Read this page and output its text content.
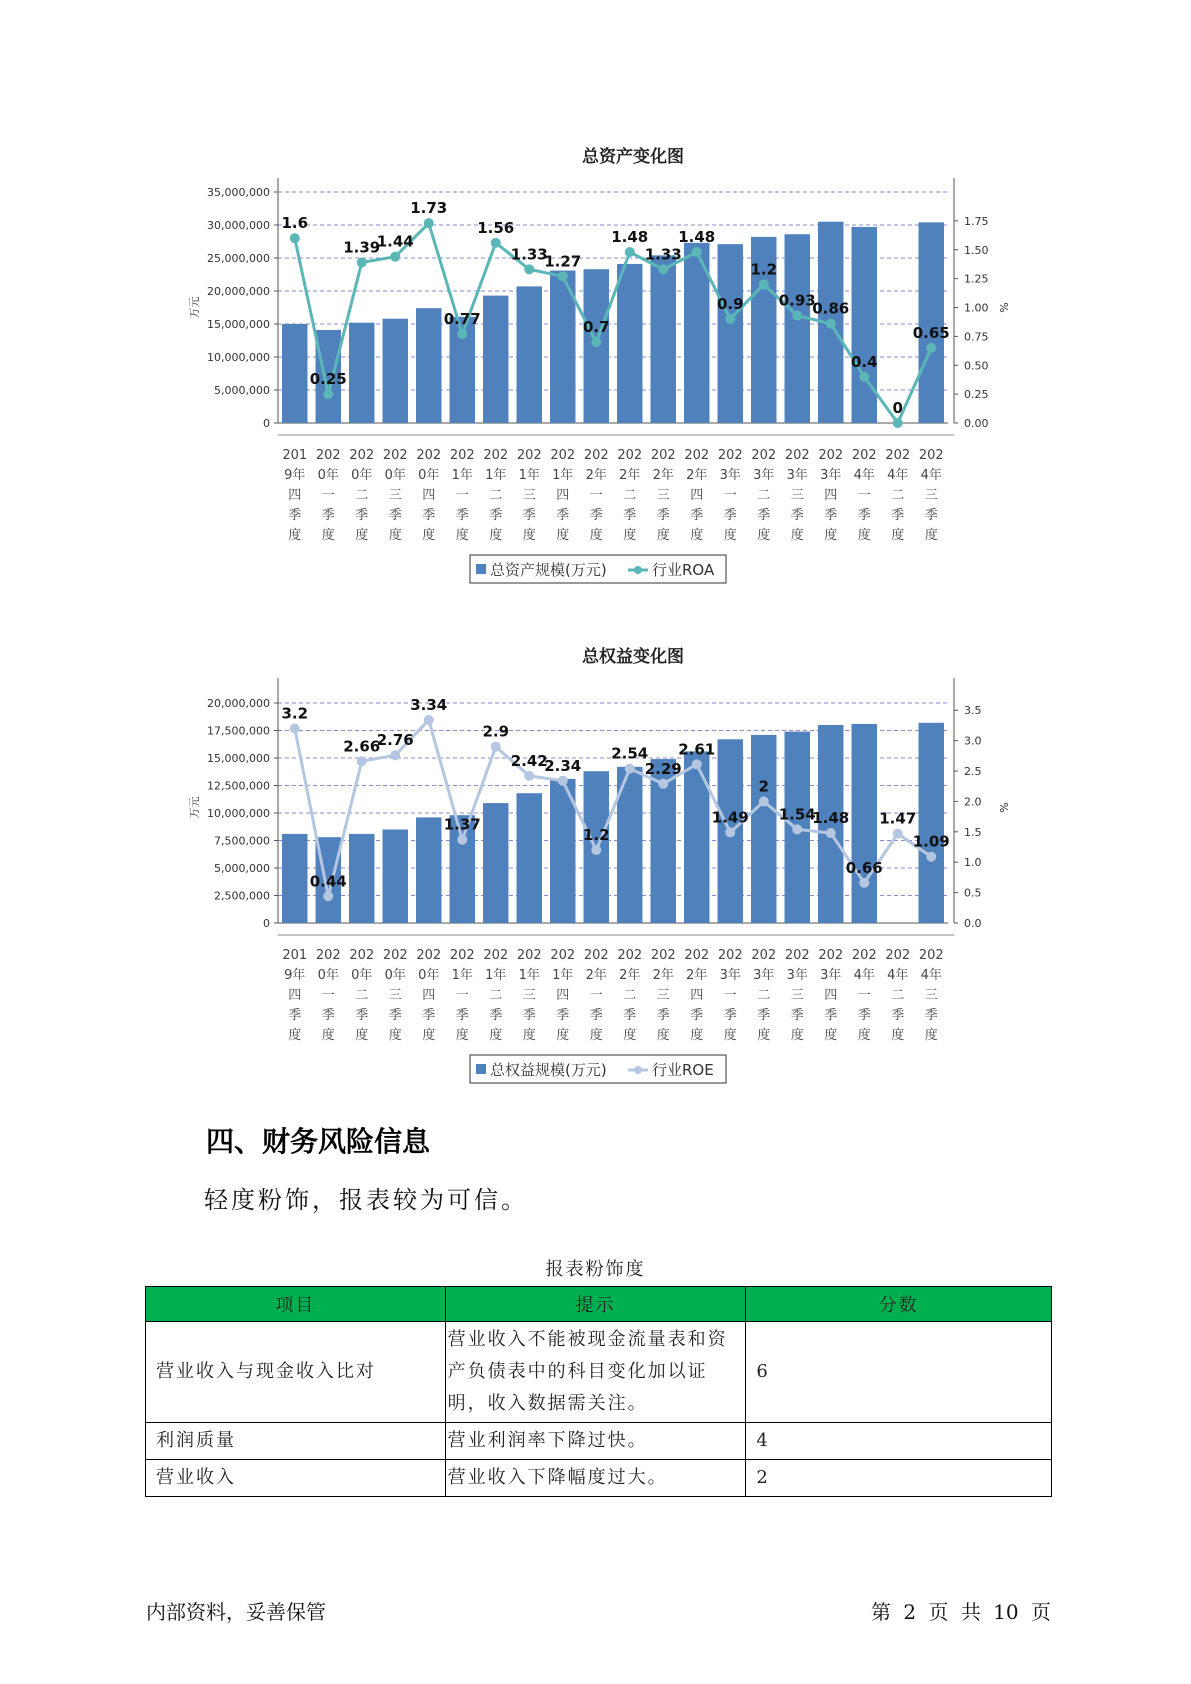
总资产变化图
万元	%
35,000,000
30,000,000
25,000,000
20,000,000
15,000,000
10,000,000
5,000,000
0
1.75
1.50
1.25
1.00
0.75
0.50
0.25
0.00
201 9年四季度
202 0年一季度
202 0年二季度
202 0年三季度
202 0年四季度
202 1年一季度
202 1年二季度
202 1年三季度
202 1年四季度
202 2年一季度
202 2年二季度
202 2年三季度
202 2年四季度
202 3年一季度
202 3年二季度
202 3年三季度
202 3年四季度
202 4年一季度
202 4年二季度
202 4年三季度
1.6
0.25
1.39
1.44
1.73
0.77
1.56
1.33
1.27
0.7
1.48
1.33
1.48
0.9
1.2
0.93
0.86
0.4
0
0.65
总资产规模(万元)	行业ROA
总权益变化图
万元	%
20,000,000
17,500,000
15,000,000
12,500,000
10,000,000
7,500,000
5,000,000
2,500,000
0
3.5
3.0
2.5
2.0
1.5
1.0
0.5
0.0
201 9年四季度
202 0年一季度
202 0年二季度
202 0年三季度
202 0年四季度
202 1年一季度
202 1年二季度
202 1年三季度
202 1年四季度
202 2年一季度
202 2年二季度
202 2年三季度
202 2年四季度
202 3年一季度
202 3年二季度
202 3年三季度
202 3年四季度
202 4年一季度
202 4年二季度
202 4年三季度
3.2
0.44
2.66
2.76
3.34
1.37
2.9
2.42
2.34
1.2
2.54
2.29
2.61
1.49
2
1.54
1.48
0.66
1.47
1.09
总权益规模(万元)	行业ROE
四、财务风险信息

轻度粉饰，报表较为可信。

报表粉饰度
项目	提示	分数
营业收入与现金收入比对	营业收入不能被现金流量表和资产负债表中的科目变化加以证明，收入数据需关注。	6
利润质量	营业利润率下降过快。	4
营业收入	营业收入下降幅度过大。	2
内部资料，妥善保管	第 2 页 共 10 页
